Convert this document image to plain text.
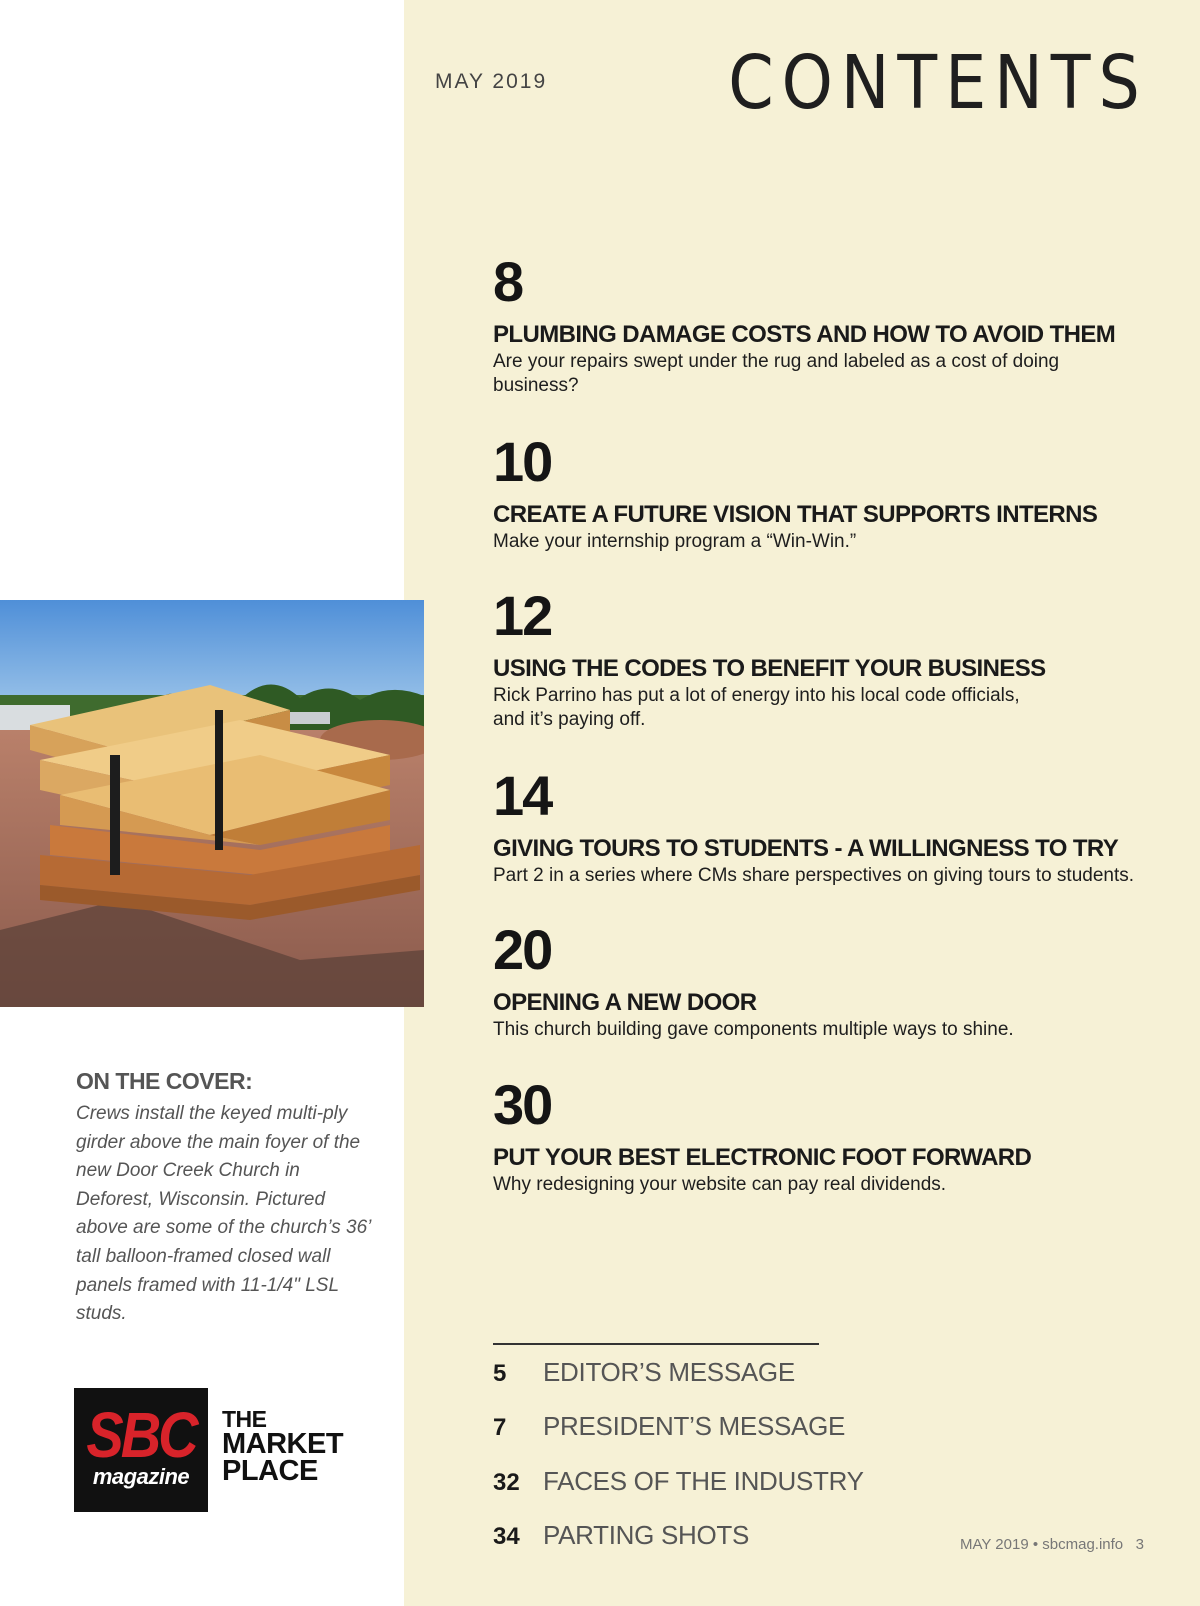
MAY 2019 CONTENTS
8
PLUMBING DAMAGE COSTS AND HOW TO AVOID THEM
Are your repairs swept under the rug and labeled as a cost of doing business?
10
CREATE A FUTURE VISION THAT SUPPORTS INTERNS
Make your internship program a “Win-Win.”
12
USING THE CODES TO BENEFIT YOUR BUSINESS
Rick Parrino has put a lot of energy into his local code officials, and it’s paying off.
14
GIVING TOURS TO STUDENTS - A WILLINGNESS TO TRY
Part 2 in a series where CMs share perspectives on giving tours to students.
20
OPENING A NEW DOOR
This church building gave components multiple ways to shine.
30
PUT YOUR BEST ELECTRONIC FOOT FORWARD
Why redesigning your website can pay real dividends.
ON THE COVER:
Crews install the keyed multi-ply girder above the main foyer of the new Door Creek Church in Deforest, Wisconsin. Pictured above are some of the church’s 36’ tall balloon-framed closed wall panels framed with 11-1/4" LSL studs.
SBC
magazine
THE
MARKET
PLACE
5 EDITOR’S MESSAGE
7 PRESIDENT’S MESSAGE
32 FACES OF THE INDUSTRY
34 PARTING SHOTS	MAY 2019 • sbcmag.info 3
